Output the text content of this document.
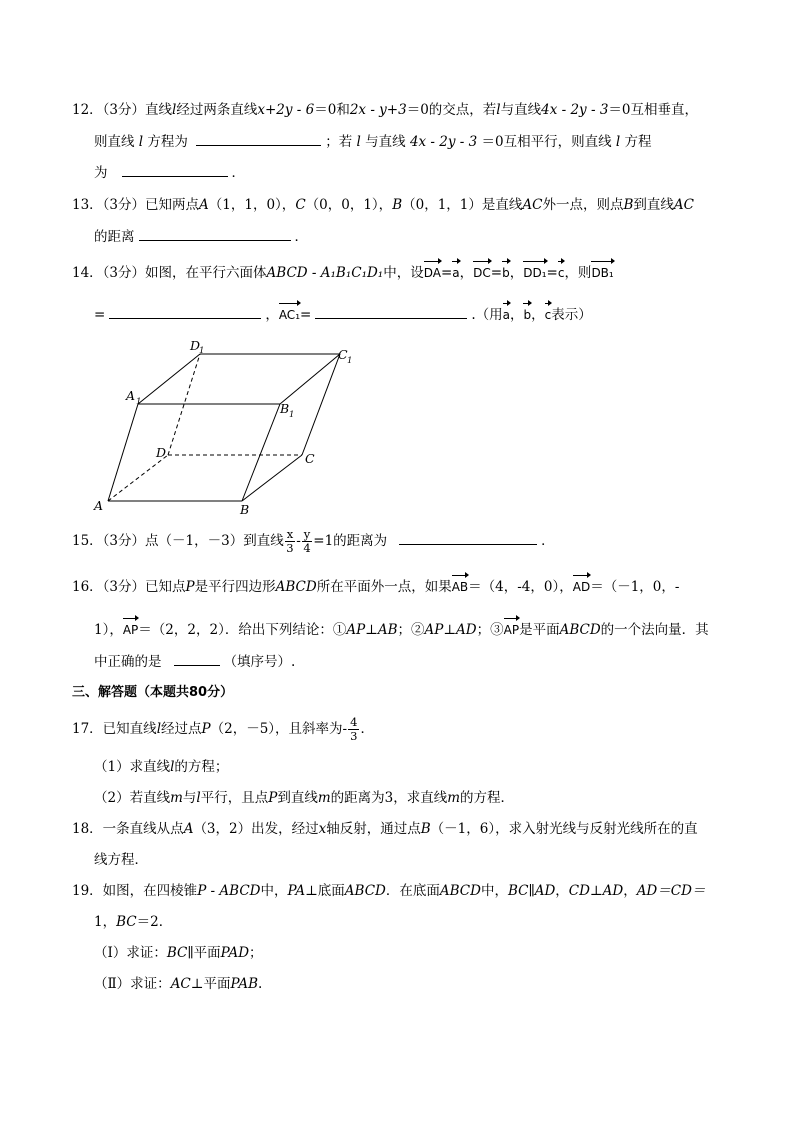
12．（3分）直线l经过两条直线x+2y - 6＝0和2x - y+3＝0的交点，若l与直线4x - 2y - 3＝0互相垂直，
则直线 l 方程为	；若 l 与直线 4x - 2y - 3 ＝0互相平行，则直线 l 方程
为	．
13．（3分）已知两点A（1，1，0），C（0，0，1），B（0，1，1）是直线AC外一点，则点B到直线AC
的距离	．
14．（3分）如图，在平行六面体ABCD - A₁B₁C₁D₁中，设DA=a，DC=b，DD₁=c，则DB₁
=	，AC₁=	.（用a，b，c表示）
A	B
C
D
A 1	B 1
C 1
D
1
15．（3分）点（－1，－3）到直线 $\frac{x}{3} - \frac{y}{4} =1$的距离为	．
16．（3分）已知点P是平行四边形ABCD所在平面外一点，如果AB＝（4，-4，0），AD＝（－1，0，-
1），AP＝（2，2，2）．给出下列结论：①AP⊥AB；②AP⊥AD；③AP是平面ABCD的一个法向量．其
中正确的是	（填序号）.
三、解答题（本题共80分）
17．已知直线l经过点P（2，－5），且斜率为- $\frac{4}{3}$ ．
（1）求直线l的方程；
（2）若直线m与l平行，且点P到直线m的距离为3，求直线m的方程．
18．一条直线从点A（3，2）出发，经过x轴反射，通过点B（－1，6），求入射光线与反射光线所在的直
线方程．
19．如图，在四棱锥P - ABCD中，PA⊥底面ABCD．在底面ABCD中，BC∥AD，CD⊥AD，AD＝CD＝
1，BC＝2．
（Ⅰ）求证：BC∥平面PAD；
（Ⅱ）求证：AC⊥平面PAB.
